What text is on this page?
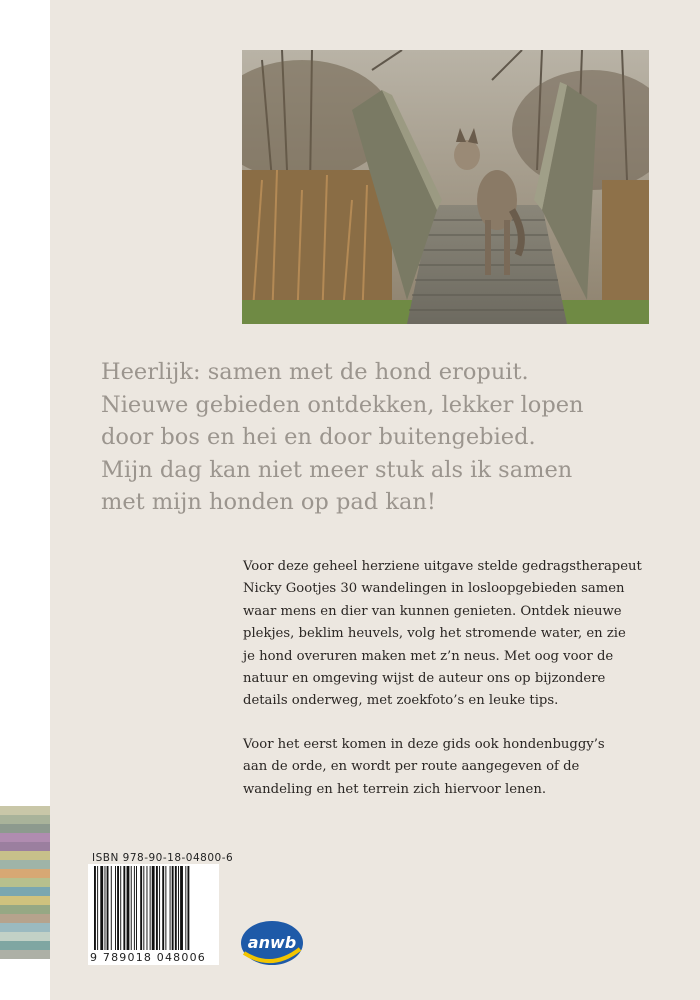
Heerlijk: samen met de hond eropuit.
Nieuwe gebieden ontdekken, lekker lopen
door bos en hei en door buitengebied.
Mijn dag kan niet meer stuk als ik samen
met mijn honden op pad kan!
Voor deze geheel herziene uitgave stelde gedragstherapeut
Nicky Gootjes 30 wandelingen in losloopgebieden samen
waar mens en dier van kunnen genieten. Ontdek nieuwe
plekjes, beklim heuvels, volg het stromende water, en zie
je hond overuren maken met z’n neus. Met oog voor de
natuur en omgeving wijst de auteur ons op bijzondere
details onderweg, met zoekfoto’s en leuke tips.
Voor het eerst komen in deze gids ook hondenbuggy’s
aan de orde, en wordt per route aangegeven of de
wandeling en het terrein zich hiervoor lenen.
ISBN 978-90-18-04800-6
9 789018 048006
anwb
